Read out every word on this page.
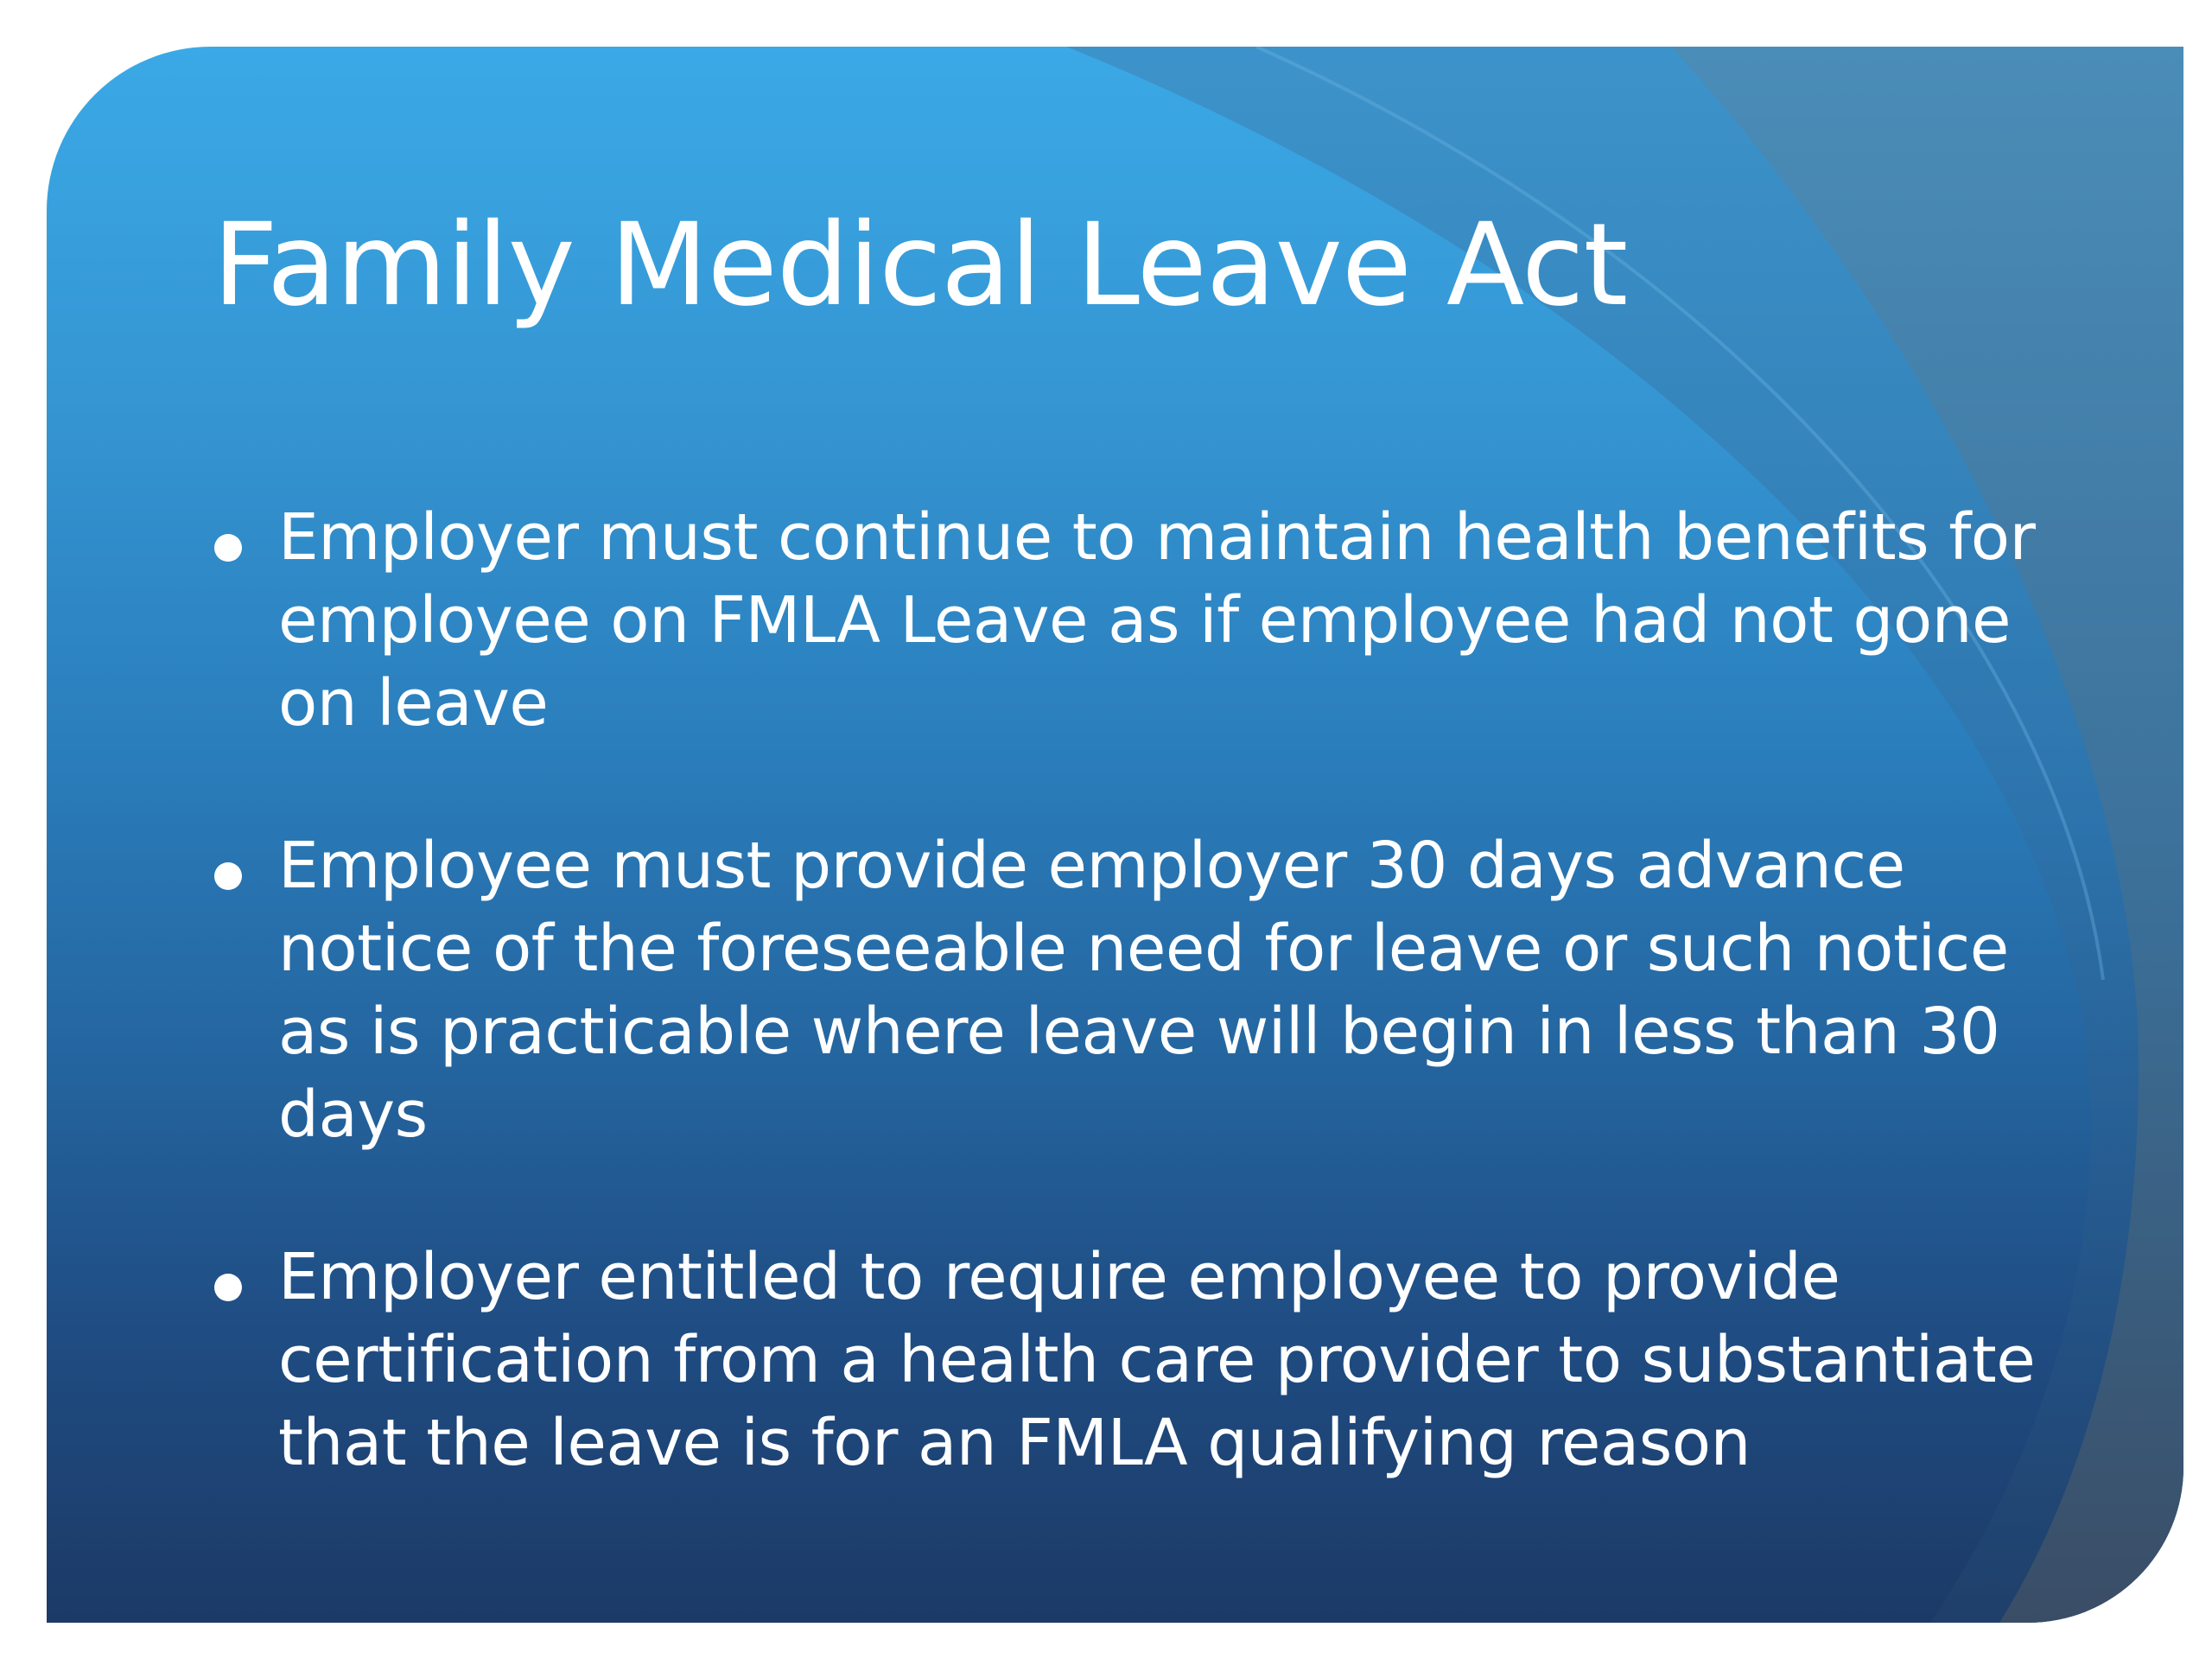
Family Medical Leave Act
Employer must continue to maintain health benefits for employee on FMLA Leave as if employee had not gone on leave
Employee must provide employer 30 days advance notice of the foreseeable need for leave or such notice as is practicable where leave will begin in less than 30 days
Employer entitled to require employee to provide certification from a health care provider to substantiate that the leave is for an FMLA qualifying reason
